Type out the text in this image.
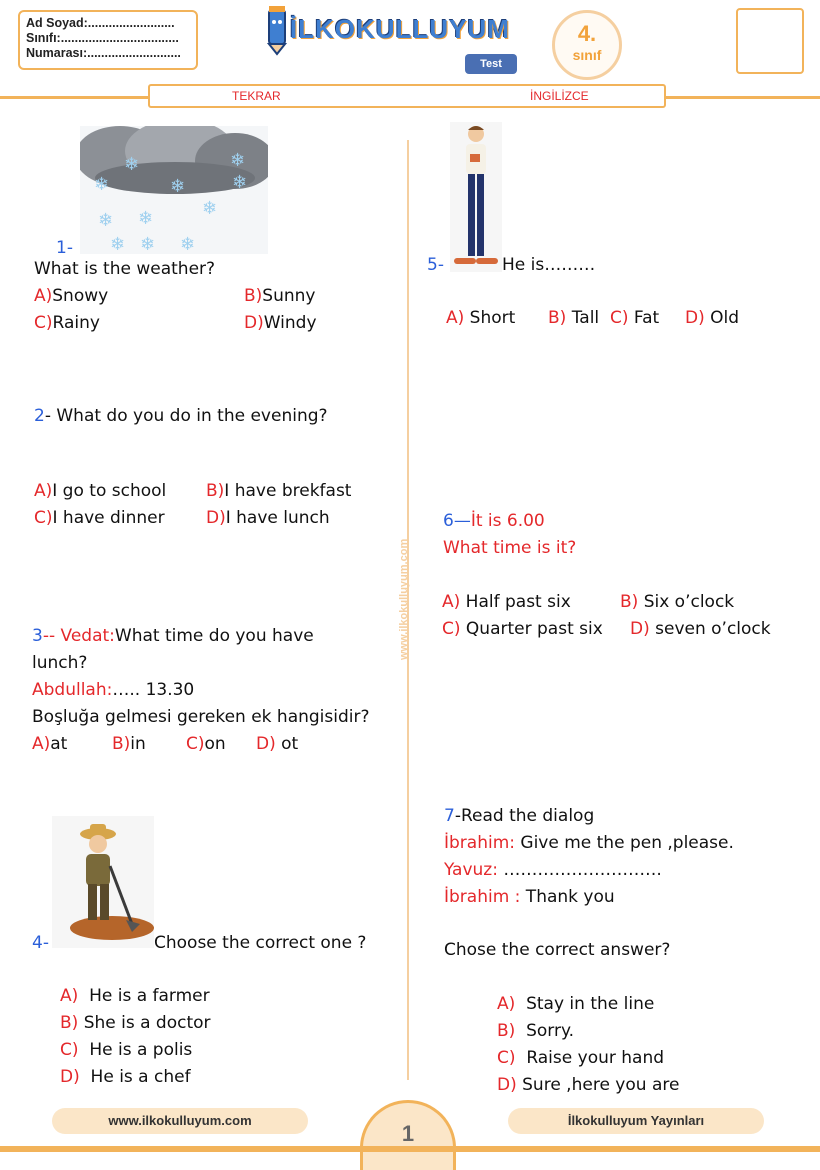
Ad Soyad:.........................
Sınıfı:..................................
Numarası:...........................
İLKOKULLUYUM
Test
4.
sınıf
TEKRAR	İNGİLİZCE
www.ilkokulluyum.com
❄
❄
❄
❄
❄
❄ ❄
❄ ❄ ❄
❄
1-
What is the weather?
A)Snowy	B)Sunny
C)Rainy	D)Windy
2- What do you do in the evening?
A)I go to school B)I have brekfast
C)I have dinner D)I have lunch
3-- Vedat:What time do you have
lunch?
Abdullah:….. 13.30
Boşluğa gelmesi gereken ek hangisidir?
A)at	B)in C)on D) ot
4-	Choose the correct one ?
A) He is a farmer
B) She is a doctor
C) He is a polis
D) He is a chef
5-	He is………
A) Short B) Tall C) Fat D) Old
6—İt is 6.00
What time is it?
A) Half past six	B) Six o’clock
C) Quarter past six D) seven o’clock
7-Read the dialog
İbrahim: Give me the pen ,please.
Yavuz: ……………………….
İbrahim : Thank you
Chose the correct answer?
A) Stay in the line
B) Sorry.
C) Raise your hand
D) Sure ,here you are
1
www.ilkokulluyum.com	İlkokulluyum Yayınları
